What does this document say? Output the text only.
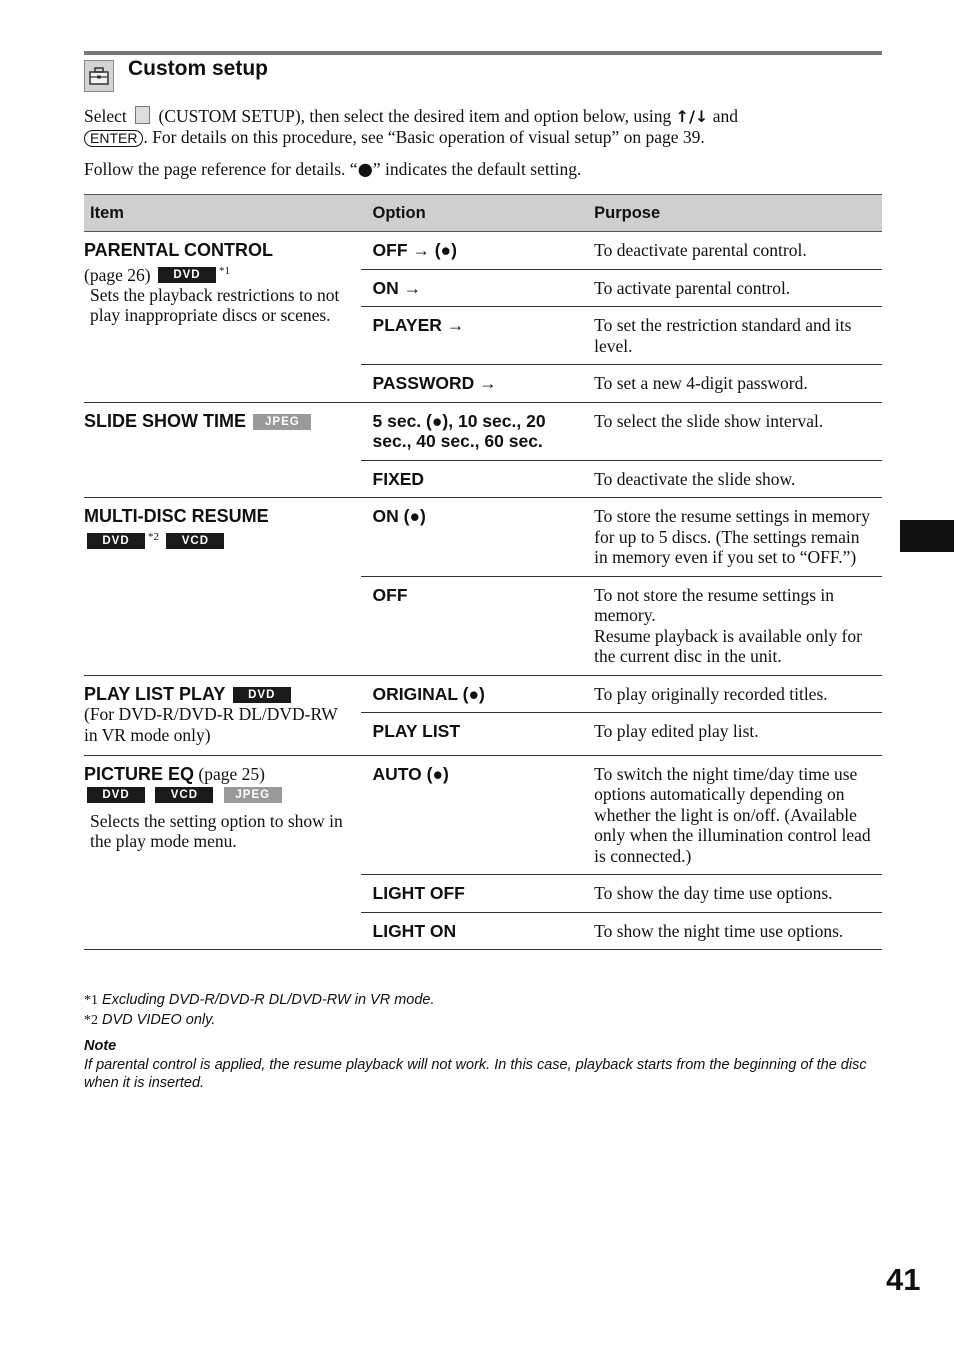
Custom setup
Select (CUSTOM SETUP), then select the desired item and option below, using ↑/↓ and
ENTER . For details on this procedure, see “Basic operation of visual setup” on page 39.
Follow the page reference for details. “●” indicates the default setting.
Item	Option	Purpose
PARENTAL CONTROL
(page 26) DVD $^{*1}$
Sets the playback restrictions to not play inappropriate discs or scenes.	OFF → (●)	To deactivate parental control.
	ON →	To activate parental control.
	PLAYER →	To set the restriction standard and its level.
	PASSWORD →	To set a new 4-digit password.
SLIDE SHOW TIME JPEG	5 sec. (●), 10 sec., 20 sec., 40 sec., 60 sec.	To select the slide show interval.
	FIXED	To deactivate the slide show.
MULTI-DISC RESUME
DVD $^{*2}$ VCD	ON (●)	To store the resume settings in memory for up to 5 discs. (The settings remain in memory even if you set to “OFF.”)
	OFF	To not store the resume settings in memory.
Resume playback is available only for the current disc in the unit.
PLAY LIST PLAY DVD
(For DVD-R/DVD-R DL/DVD-RW in VR mode only)	ORIGINAL (●)	To play originally recorded titles.
	PLAY LIST	To play edited play list.
PICTURE EQ (page 25)
DVD VCD JPEG
Selects the setting option to show in the play mode menu.	AUTO (●)	To switch the night time/day time use options automatically depending on whether the light is on/off. (Available only when the illumination control lead is connected.)
	LIGHT OFF	To show the day time use options.
	LIGHT ON	To show the night time use options.
*1 Excluding DVD-R/DVD-R DL/DVD-RW in VR mode.
*2 DVD VIDEO only.
Note
If parental control is applied, the resume playback will not work. In this case, playback starts from the beginning of the disc when it is inserted.
41
